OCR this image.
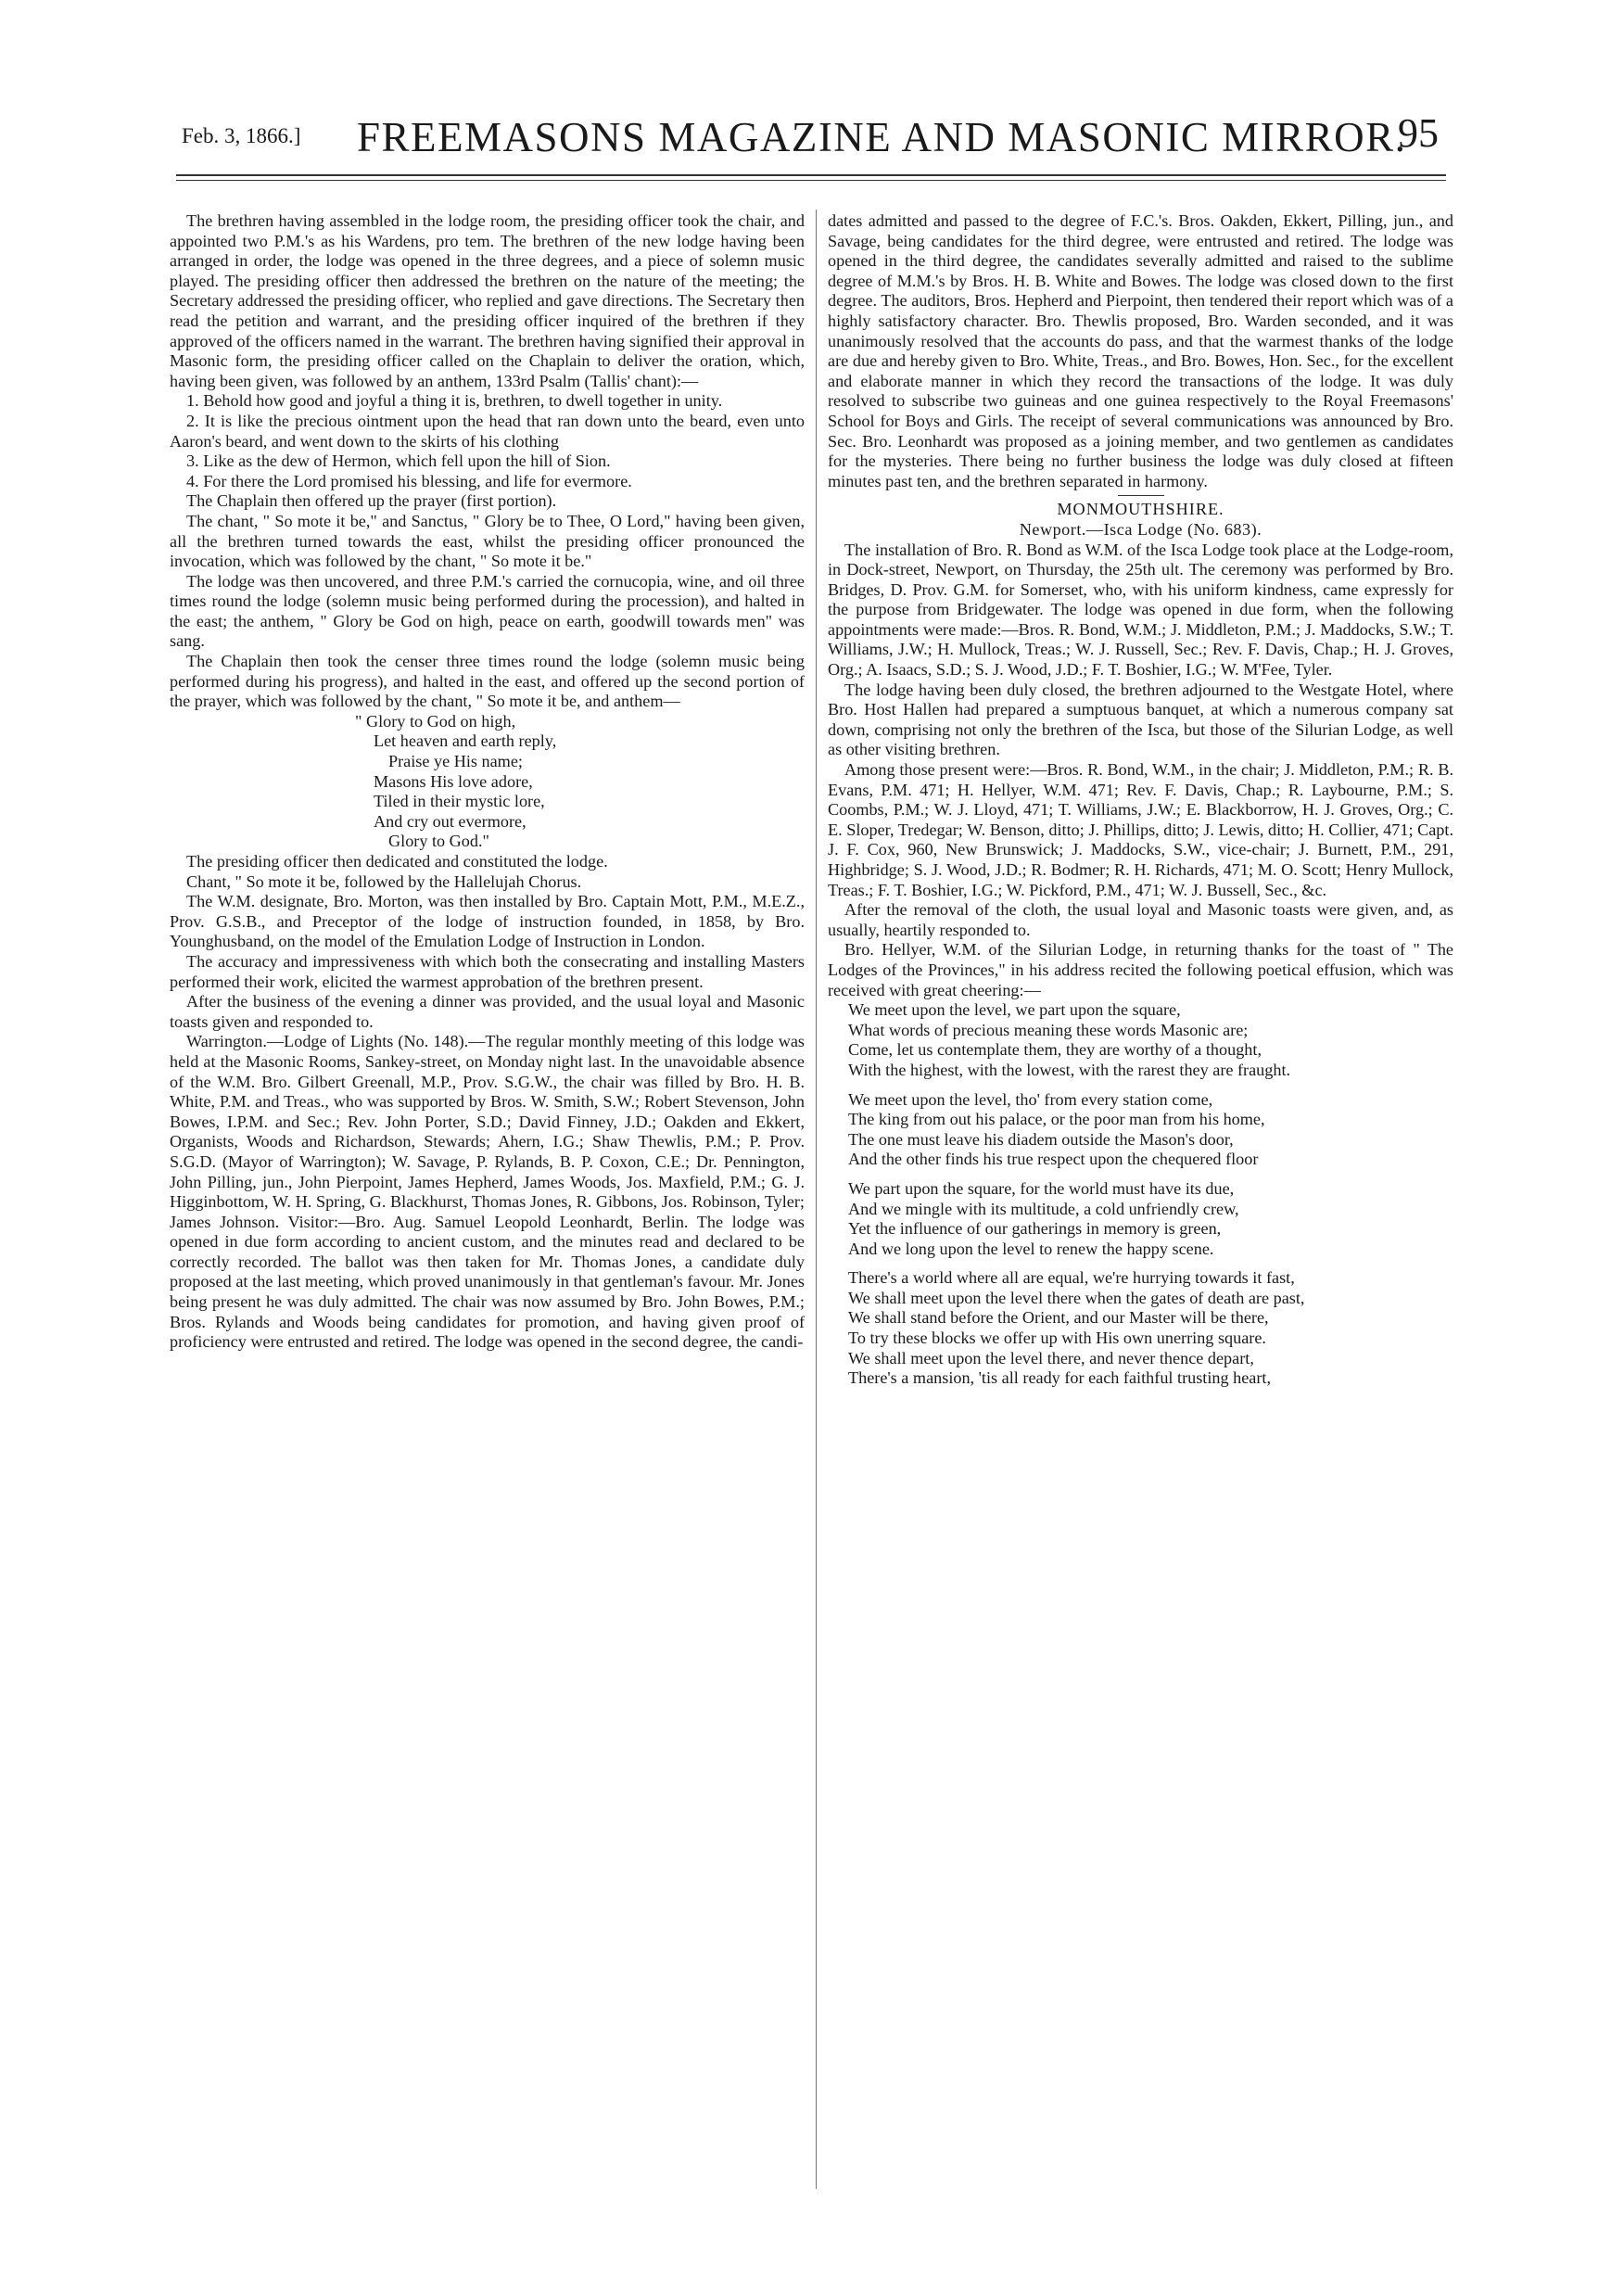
Feb. 3, 1866.] FREEMASONS MAGAZINE AND MASONIC MIRROR.
95

The brethren having assembled in the lodge room, the presiding officer took the chair, and appointed two P.M.'s as his Wardens, pro tem. The brethren of the new lodge having been arranged in order, the lodge was opened in the three degrees, and a piece of solemn music played. The presiding officer then addressed the brethren on the nature of the meeting; the Secretary addressed the presiding officer, who replied and gave directions. The Secretary then read the petition and warrant, and the presiding officer inquired of the brethren if they approved of the officers named in the warrant. The brethren having signified their approval in Masonic form, the presiding officer called on the Chaplain to deliver the oration, which, having been given, was followed by an anthem, 133rd Psalm (Tallis' chant):—

1. Behold how good and joyful a thing it is, brethren, to dwell together in unity.

2. It is like the precious ointment upon the head that ran down unto the beard, even unto Aaron's beard, and went down to the skirts of his clothing

3. Like as the dew of Hermon, which fell upon the hill of Sion.

4. For there the Lord promised his blessing, and life for evermore.

The Chaplain then offered up the prayer (first portion).

The chant, " So mote it be," and Sanctus, " Glory be to Thee, O Lord," having been given, all the brethren turned towards the east, whilst the presiding officer pronounced the invocation, which was followed by the chant, " So mote it be."

The lodge was then uncovered, and three P.M.'s carried the cornucopia, wine, and oil three times round the lodge (solemn music being performed during the procession), and halted in the east; the anthem, " Glory be God on high, peace on earth, goodwill towards men" was sang.

The Chaplain then took the censer three times round the lodge (solemn music being performed during his progress), and halted in the east, and offered up the second portion of the prayer, which was followed by the chant, " So mote it be, and anthem—

" Glory to God on high,
Let heaven and earth reply,
Praise ye His name;
Masons His love adore,
Tiled in their mystic lore,
And cry out evermore,
Glory to God."

The presiding officer then dedicated and constituted the lodge.

Chant, " So mote it be, followed by the Hallelujah Chorus.

The W.M. designate, Bro. Morton, was then installed by Bro. Captain Mott, P.M., M.E.Z., Prov. G.S.B., and Preceptor of the lodge of instruction founded, in 1858, by Bro. Younghusband, on the model of the Emulation Lodge of Instruction in London.

The accuracy and impressiveness with which both the consecrating and installing Masters performed their work, elicited the warmest approbation of the brethren present.

After the business of the evening a dinner was provided, and the usual loyal and Masonic toasts given and responded to.

Warrington.—Lodge of Lights (No. 148).—The regular monthly meeting of this lodge was held at the Masonic Rooms, Sankey-street, on Monday night last. In the unavoidable absence of the W.M. Bro. Gilbert Greenall, M.P., Prov. S.G.W., the chair was filled by Bro. H. B. White, P.M. and Treas., who was supported by Bros. W. Smith, S.W.; Robert Stevenson, John Bowes, I.P.M. and Sec.; Rev. John Porter, S.D.; David Finney, J.D.; Oakden and Ekkert, Organists, Woods and Richardson, Stewards; Ahern, I.G.; Shaw Thewlis, P.M.; P. Prov. S.G.D. (Mayor of Warrington); W. Savage, P. Rylands, B. P. Coxon, C.E.; Dr. Pennington, John Pilling, jun., John Pierpoint, James Hepherd, James Woods, Jos. Maxfield, P.M.; G. J. Higginbottom, W. H. Spring, G. Blackhurst, Thomas Jones, R. Gibbons, Jos. Robinson, Tyler; James Johnson. Visitor:—Bro. Aug. Samuel Leopold Leonhardt, Berlin. The lodge was opened in due form according to ancient custom, and the minutes read and declared to be correctly recorded. The ballot was then taken for Mr. Thomas Jones, a candidate duly proposed at the last meeting, which proved unanimously in that gentleman's favour. Mr. Jones being present he was duly admitted. The chair was now assumed by Bro. John Bowes, P.M.; Bros. Rylands and Woods being candidates for promotion, and having given proof of proficiency were entrusted and retired. The lodge was opened in the second degree, the candi-

dates admitted and passed to the degree of F.C.'s. Bros. Oakden, Ekkert, Pilling, jun., and Savage, being candidates for the third degree, were entrusted and retired. The lodge was opened in the third degree, the candidates severally admitted and raised to the sublime degree of M.M.'s by Bros. H. B. White and Bowes. The lodge was closed down to the first degree. The auditors, Bros. Hepherd and Pierpoint, then tendered their report which was of a highly satisfactory character. Bro. Thewlis proposed, Bro. Warden seconded, and it was unanimously resolved that the accounts do pass, and that the warmest thanks of the lodge are due and hereby given to Bro. White, Treas., and Bro. Bowes, Hon. Sec., for the excellent and elaborate manner in which they record the transactions of the lodge. It was duly resolved to subscribe two guineas and one guinea respectively to the Royal Freemasons' School for Boys and Girls. The receipt of several communications was announced by Bro. Sec. Bro. Leonhardt was proposed as a joining member, and two gentlemen as candidates for the mysteries. There being no further business the lodge was duly closed at fifteen minutes past ten, and the brethren separated in harmony.

MONMOUTHSHIRE.

Newport.—Isca Lodge (No. 683).

The installation of Bro. R. Bond as W.M. of the Isca Lodge took place at the Lodge-room, in Dock-street, Newport, on Thursday, the 25th ult. The ceremony was performed by Bro. Bridges, D. Prov. G.M. for Somerset, who, with his uniform kindness, came expressly for the purpose from Bridgewater. The lodge was opened in due form, when the following appointments were made:—Bros. R. Bond, W.M.; J. Middleton, P.M.; J. Maddocks, S.W.; T. Williams, J.W.; H. Mullock, Treas.; W. J. Russell, Sec.; Rev. F. Davis, Chap.; H. J. Groves, Org.; A. Isaacs, S.D.; S. J. Wood, J.D.; F. T. Boshier, I.G.; W. M'Fee, Tyler.

The lodge having been duly closed, the brethren adjourned to the Westgate Hotel, where Bro. Host Hallen had prepared a sumptuous banquet, at which a numerous company sat down, comprising not only the brethren of the Isca, but those of the Silurian Lodge, as well as other visiting brethren.

Among those present were:—Bros. R. Bond, W.M., in the chair; J. Middleton, P.M.; R. B. Evans, P.M. 471; H. Hellyer, W.M. 471; Rev. F. Davis, Chap.; R. Laybourne, P.M.; S. Coombs, P.M.; W. J. Lloyd, 471; T. Williams, J.W.; E. Blackborrow, H. J. Groves, Org.; C. E. Sloper, Tredegar; W. Benson, ditto; J. Phillips, ditto; J. Lewis, ditto; H. Collier, 471; Capt. J. F. Cox, 960, New Brunswick; J. Maddocks, S.W., vice-chair; J. Burnett, P.M., 291, Highbridge; S. J. Wood, J.D.; R. Bodmer; R. H. Richards, 471; M. O. Scott; Henry Mullock, Treas.; F. T. Boshier, I.G.; W. Pickford, P.M., 471; W. J. Bussell, Sec., &c.

After the removal of the cloth, the usual loyal and Masonic toasts were given, and, as usually, heartily responded to.

Bro. Hellyer, W.M. of the Silurian Lodge, in returning thanks for the toast of " The Lodges of the Provinces," in his address recited the following poetical effusion, which was received with great cheering:—

We meet upon the level, we part upon the square,
What words of precious meaning these words Masonic are;
Come, let us contemplate them, they are worthy of a thought,
With the highest, with the lowest, with the rarest they are fraught.
We meet upon the level, tho' from every station come,
The king from out his palace, or the poor man from his home,
The one must leave his diadem outside the Mason's door,
And the other finds his true respect upon the chequered floor
We part upon the square, for the world must have its due,
And we mingle with its multitude, a cold unfriendly crew,
Yet the influence of our gatherings in memory is green,
And we long upon the level to renew the happy scene.
There's a world where all are equal, we're hurrying towards it fast,
We shall meet upon the level there when the gates of death are past,
We shall stand before the Orient, and our Master will be there,
To try these blocks we offer up with His own unerring square.
We shall meet upon the level there, and never thence depart,
There's a mansion, 'tis all ready for each faithful trusting heart,
